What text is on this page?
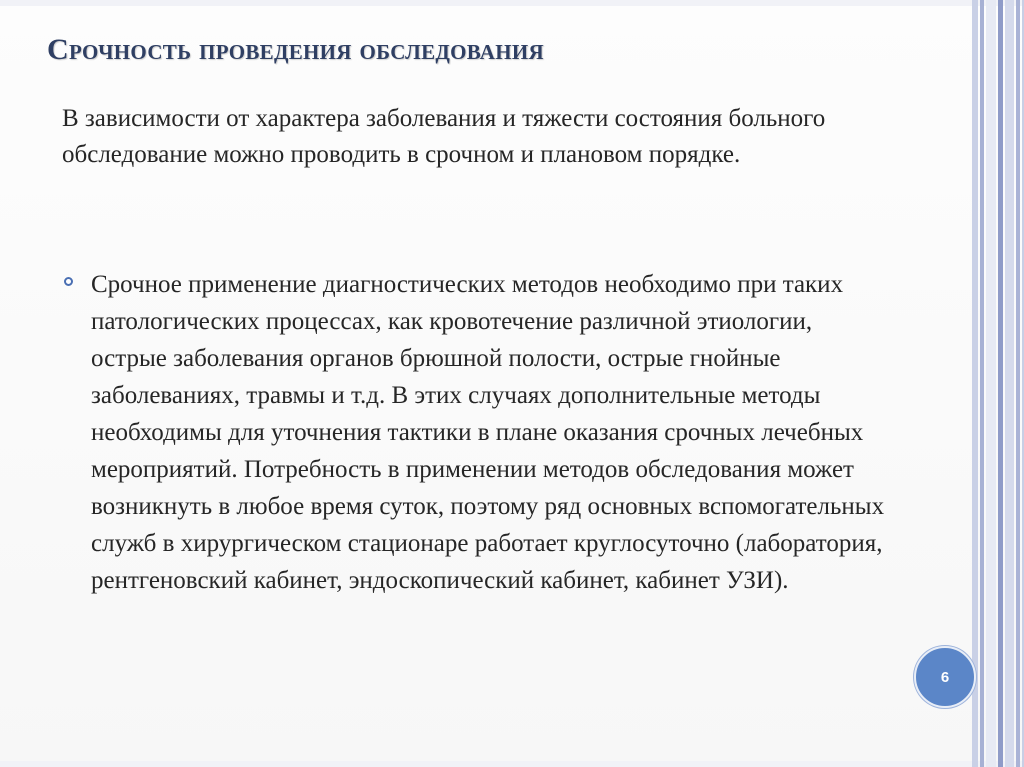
Срочность проведения обследования

В зависимости от характера заболевания и тяжести состояния больного обследование можно проводить в срочном и плановом порядке.

Срочное применение диагностических методов необходимо при таких патологических процессах, как кровотечение различной этиологии, острые заболевания органов брюшной полости, острые гнойные заболеваниях, травмы и т.д. В этих случаях дополнительные методы необходимы для уточнения тактики в плане оказания срочных лечебных мероприятий. Потребность в применении методов обследования может возникнуть в любое время суток, поэтому ряд основных вспомогательных служб в хирургическом стационаре работает круглосуточно (лаборатория, рентгеновский кабинет, эндоскопический кабинет, кабинет УЗИ).

6
